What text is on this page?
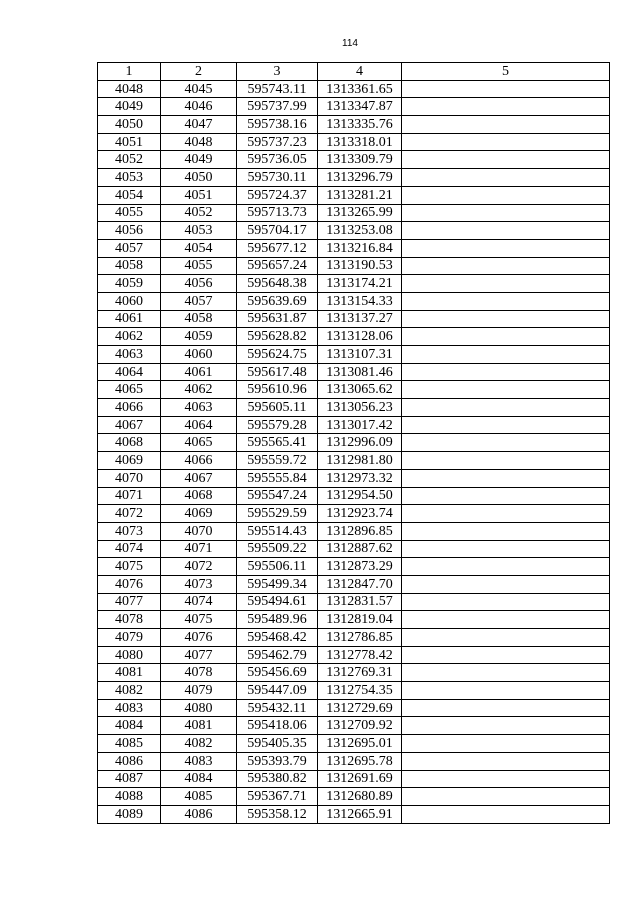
114
1	2	3	4	5
4048	4045	595743.11	1313361.65	
4049	4046	595737.99	1313347.87	
4050	4047	595738.16	1313335.76	
4051	4048	595737.23	1313318.01	
4052	4049	595736.05	1313309.79	
4053	4050	595730.11	1313296.79	
4054	4051	595724.37	1313281.21	
4055	4052	595713.73	1313265.99	
4056	4053	595704.17	1313253.08	
4057	4054	595677.12	1313216.84	
4058	4055	595657.24	1313190.53	
4059	4056	595648.38	1313174.21	
4060	4057	595639.69	1313154.33	
4061	4058	595631.87	1313137.27	
4062	4059	595628.82	1313128.06	
4063	4060	595624.75	1313107.31	
4064	4061	595617.48	1313081.46	
4065	4062	595610.96	1313065.62	
4066	4063	595605.11	1313056.23	
4067	4064	595579.28	1313017.42	
4068	4065	595565.41	1312996.09	
4069	4066	595559.72	1312981.80	
4070	4067	595555.84	1312973.32	
4071	4068	595547.24	1312954.50	
4072	4069	595529.59	1312923.74	
4073	4070	595514.43	1312896.85	
4074	4071	595509.22	1312887.62	
4075	4072	595506.11	1312873.29	
4076	4073	595499.34	1312847.70	
4077	4074	595494.61	1312831.57	
4078	4075	595489.96	1312819.04	
4079	4076	595468.42	1312786.85	
4080	4077	595462.79	1312778.42	
4081	4078	595456.69	1312769.31	
4082	4079	595447.09	1312754.35	
4083	4080	595432.11	1312729.69	
4084	4081	595418.06	1312709.92	
4085	4082	595405.35	1312695.01	
4086	4083	595393.79	1312695.78	
4087	4084	595380.82	1312691.69	
4088	4085	595367.71	1312680.89	
4089	4086	595358.12	1312665.91	
